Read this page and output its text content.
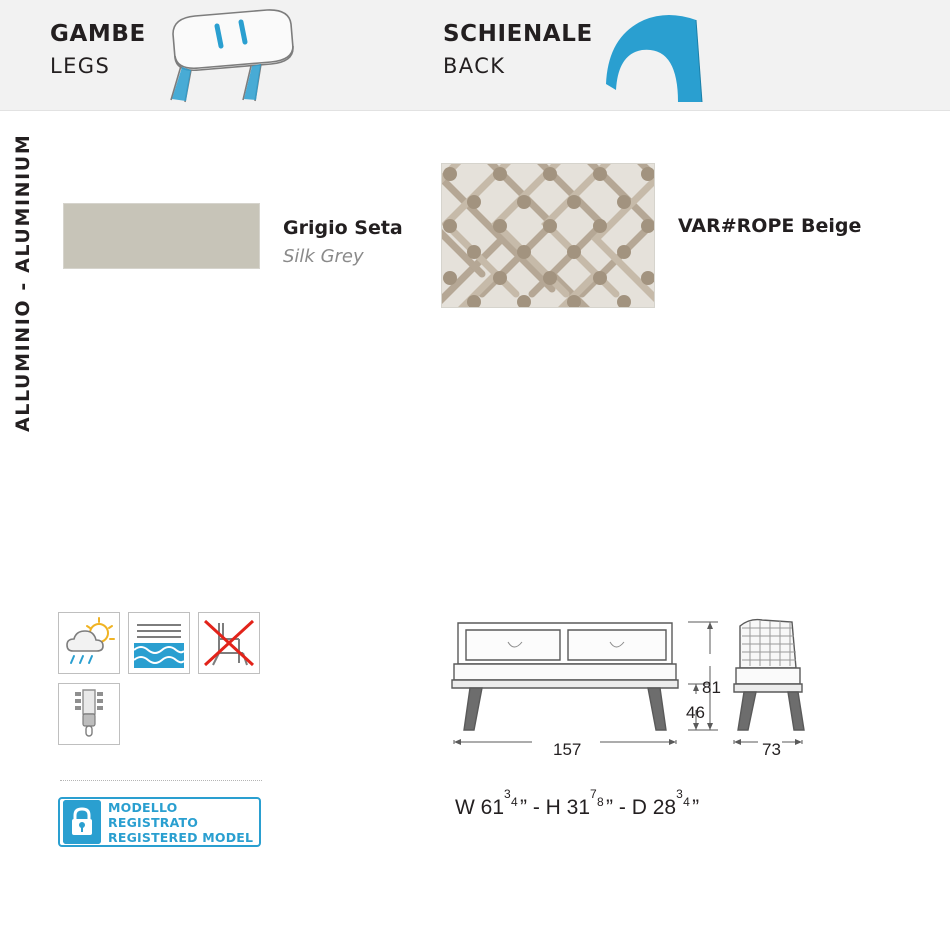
GAMBE
LEGS
SCHIENALE
BACK
ALLUMINIO - ALUMINIUM	Grigio Seta
Silk Grey
VAR#ROPE Beige
MODELLO REGISTRATO
REGISTERED MODEL
157	73
81
46
W 61
3
4 ” - H 31
7
8 ” - D 28
3
4 ”
